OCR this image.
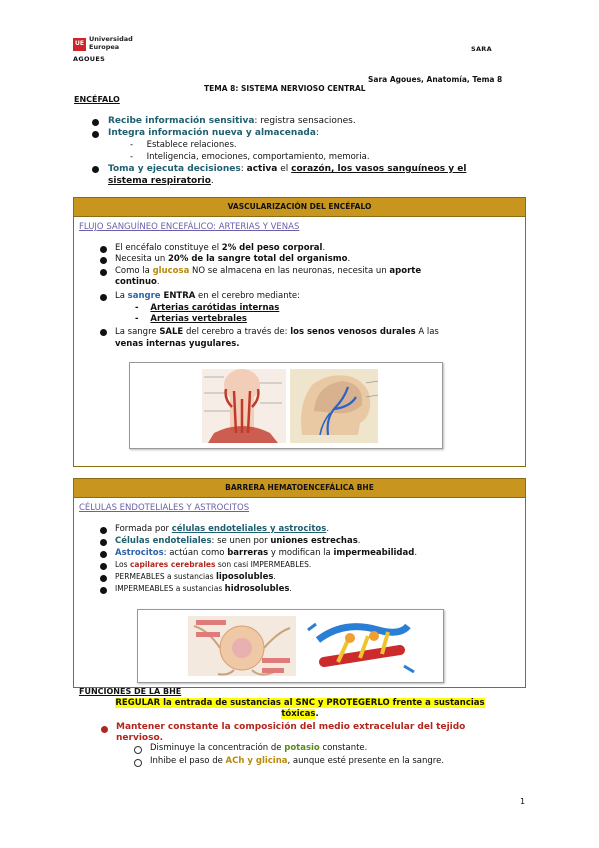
UE
Universidad
Europea
AGOUES
SARA
Sara Agoues, Anatomía, Tema 8
TEMA 8: SISTEMA NERVIOSO CENTRAL
ENCÉFALO
Recibe información sensitiva: registra sensaciones.
Integra información nueva y almacenada:
-     Establece relaciones.
-     Inteligencia, emociones, comportamiento, memoria.
Toma y ejecuta decisiones: activa el corazón, los vasos sanguíneos y el
sistema respiratorio.
VASCULARIZACIÓN DEL ENCÉFALO
FLUJO SANGUÍNEO ENCEFÁLICO: ARTERIAS Y VENAS
El encéfalo constituye el 2% del peso corporal.
Necesita un 20% de la sangre total del organismo.
Como la glucosa NO se almacena en las neuronas, necesita un aporte
continuo.
La sangre ENTRA en el cerebro mediante:
-    Arterias carótidas internas
-    Arterias vertebrales
La sangre SALE del cerebro a través de: los senos venosos durales A las
venas internas yugulares.
BARRERA HEMATOENCEFÁLICA BHE
CÉLULAS ENDOTELIALES Y ASTROCITOS
Formada por células endoteliales y astrocitos.
Células endoteliales: se unen por uniones estrechas.
Astrocitos: actúan como barreras y modifican la impermeabilidad.
Los capilares cerebrales son casi IMPERMEABLES.
PERMEABLES a sustancias liposolubles.
IMPERMEABLES a sustancias hidrosolubles.
FUNCIONES DE LA BHE
REGULAR la entrada de sustancias al SNC y PROTEGERLO frente a sustancias
tóxicas.
Mantener constante la composición del medio extracelular del tejido
nervioso.
Disminuye la concentración de potasio constante.
Inhibe el paso de ACh y glicina, aunque esté presente en la sangre.
1
